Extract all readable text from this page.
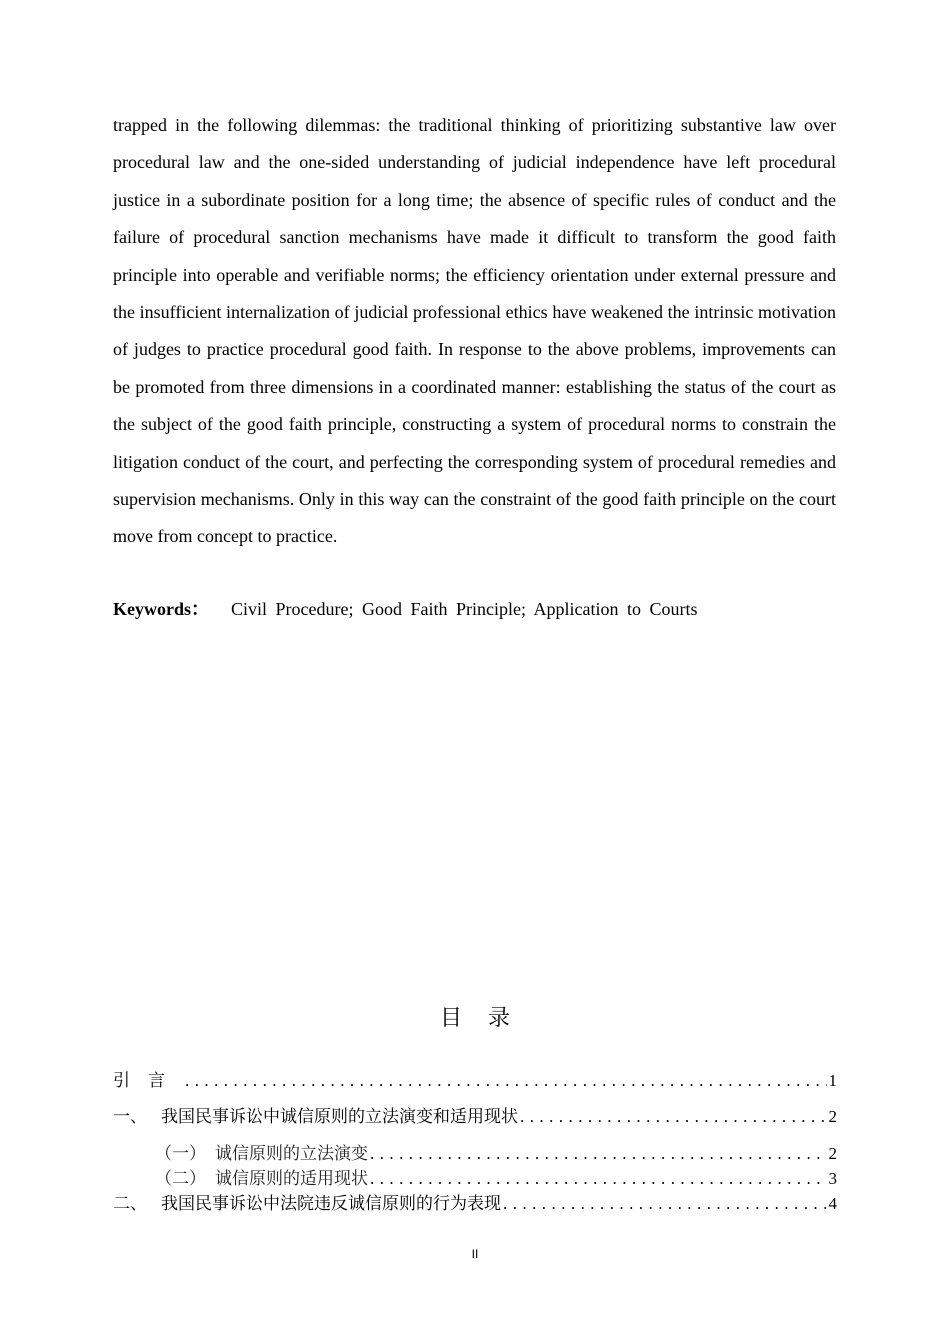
trapped in the following dilemmas: the traditional thinking of prioritizing substantive law over procedural law and the one-sided understanding of judicial independence have left procedural justice in a subordinate position for a long time; the absence of specific rules of conduct and the failure of procedural sanction mechanisms have made it difficult to transform the good faith principle into operable and verifiable norms; the efficiency orientation under external pressure and the insufficient internalization of judicial professional ethics have weakened the intrinsic motivation of judges to practice procedural good faith. In response to the above problems, improvements can be promoted from three dimensions in a coordinated manner: establishing the status of the court as the subject of the good faith principle, constructing a system of procedural norms to constrain the litigation conduct of the court, and perfecting the corresponding system of procedural remedies and supervision mechanisms. Only in this way can the constraint of the good faith principle on the court move from concept to practice.

Keywords： Civil Procedure; Good Faith Principle; Application to Courts
目录
引言 . . .	1
一、 我国民事诉讼中诚信原则的立法演变和适用现状 . . .	2
（一） 诚信原则的立法演变 . . .	2
（二） 诚信原则的适用现状 . . .	3
二、 我国民事诉讼中法院违反诚信原则的行为表现 . . .	4
II
